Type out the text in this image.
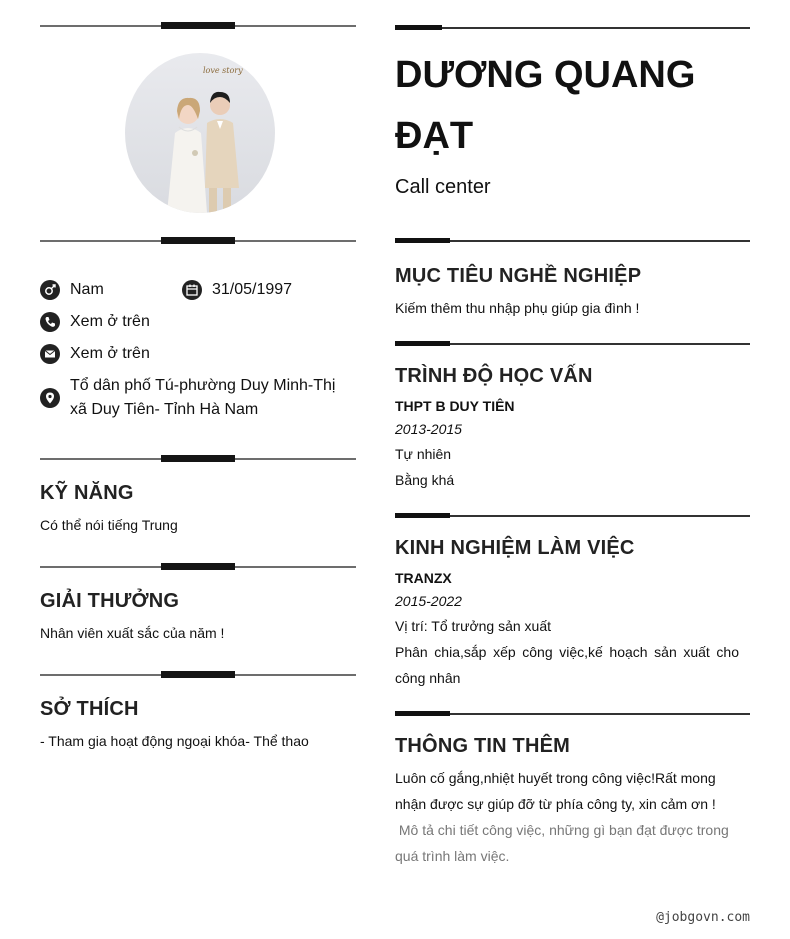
love story
Nam	31/05/1997
Xem ở trên
Xem ở trên
Tổ dân phố Tú-phường Duy Minh-Thị xã Duy Tiên- Tỉnh Hà Nam
KỸ NĂNG
Có thể nói tiếng Trung
GIẢI THƯỞNG
Nhân viên xuất sắc của năm !
SỞ THÍCH
- Tham gia hoạt động ngoại khóa- Thể thao
DƯƠNG QUANG ĐẠT
Call center
MỤC TIÊU NGHỀ NGHIỆP
Kiếm thêm thu nhập phụ giúp gia đình !
TRÌNH ĐỘ HỌC VẤN
THPT B DUY TIÊN
2013-2015
Tự nhiên
Bằng khá
KINH NGHIỆM LÀM VIỆC
TRANZX
2015-2022
Vị trí: Tổ trưởng sản xuất
Phân chia,sắp xếp công việc,kế hoạch sản xuất cho công nhân
THÔNG TIN THÊM
Luôn cố gắng,nhiệt huyết trong công việc!Rất mong nhận được sự giúp đỡ từ phía công ty, xin cảm ơn !
Mô tả chi tiết công việc, những gì bạn đạt được trong quá trình làm việc.
@jobgovn.com
